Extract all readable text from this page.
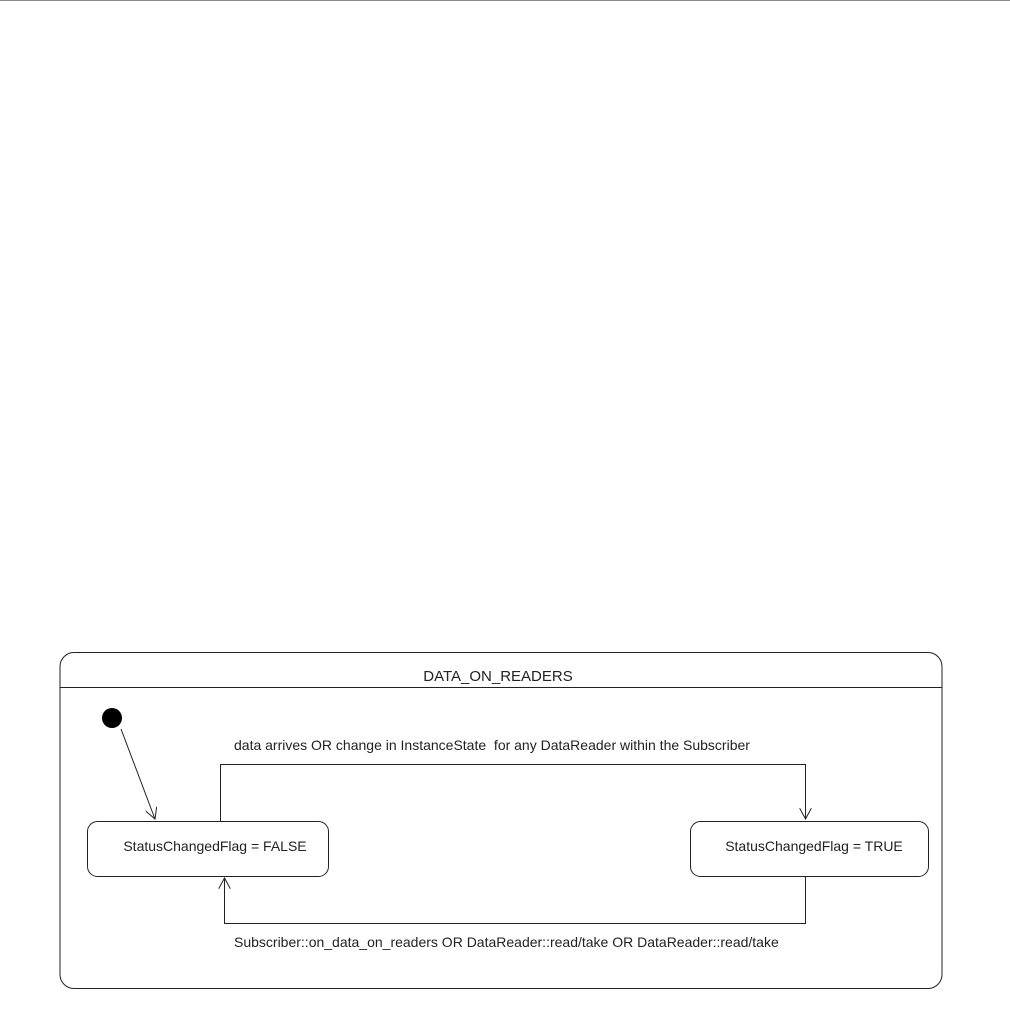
DATA_ON_READERS
StatusChangedFlag = FALSE	StatusChangedFlag = TRUE
data arrives OR change in InstanceState  for any DataReader within the Subscriber
Subscriber::on_data_on_readers OR DataReader::read/take OR DataReader::read/take
